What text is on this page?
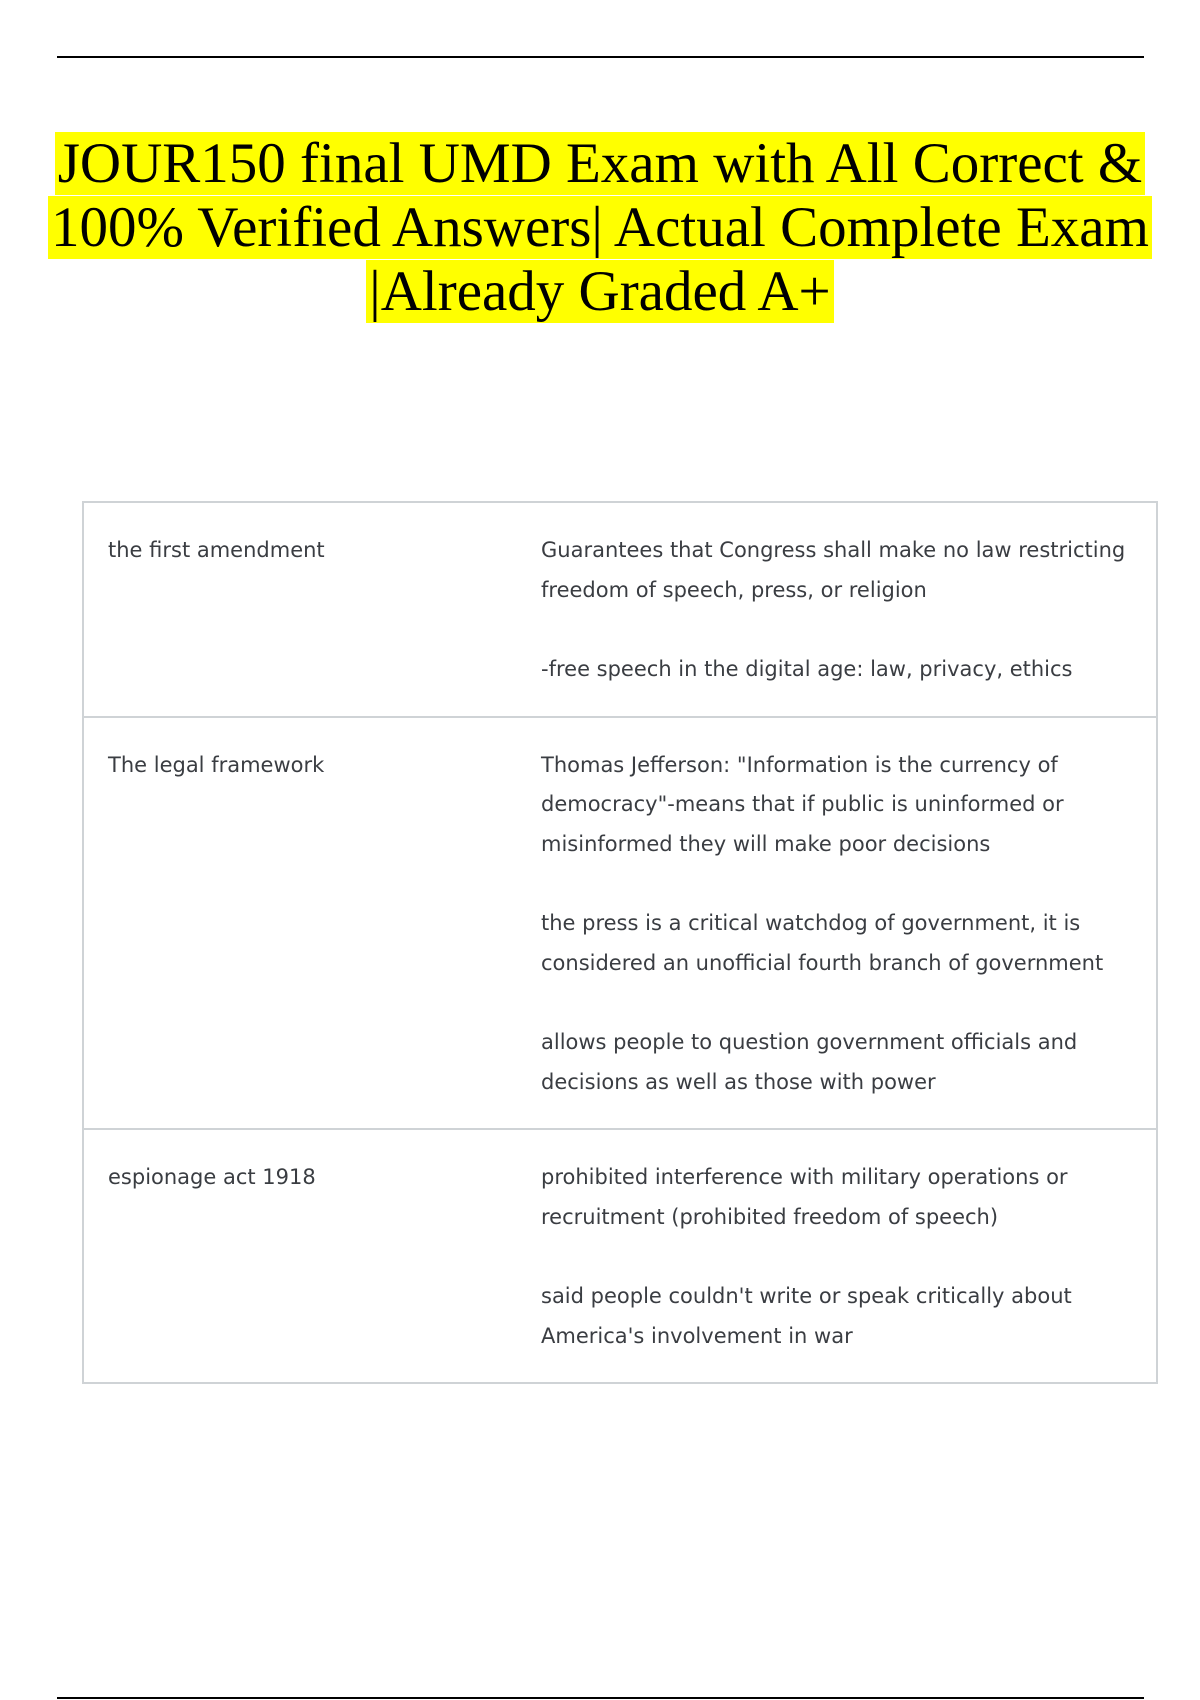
JOUR150 final UMD Exam with All Correct &
100% Verified Answers| Actual Complete Exam
|Already Graded A+
the first amendment	Guarantees that Congress shall make no law restricting freedom of speech, press, or religion
-free speech in the digital age: law, privacy, ethics
The legal framework	Thomas Jefferson: "Information is the currency of democracy"-means that if public is uninformed or misinformed they will make poor decisions
the press is a critical watchdog of government, it is considered an unofficial fourth branch of government
allows people to question government officials and decisions as well as those with power
espionage act 1918	prohibited interference with military operations or recruitment (prohibited freedom of speech)
said people couldn't write or speak critically about America's involvement in war
